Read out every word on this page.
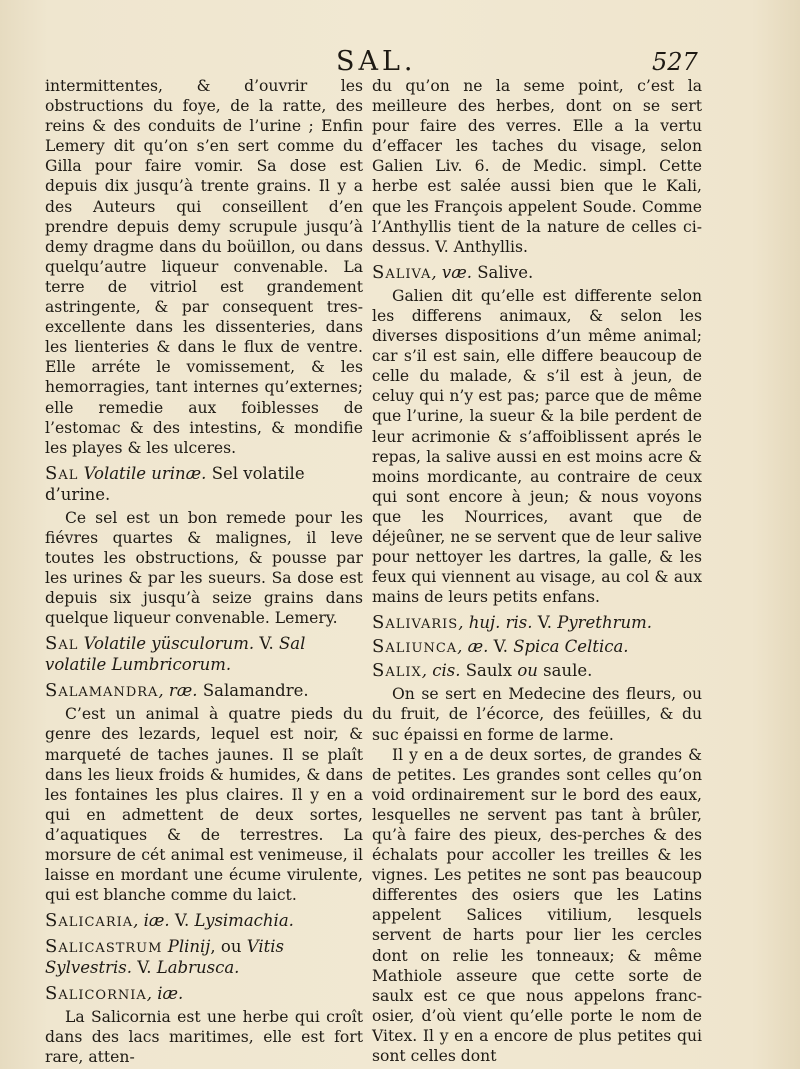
SAL.	527

intermittentes, & d’ouvrir les obstructions du foye, de la ratte, des reins & des conduits de l’urine ; Enfin Lemery dit qu’on s’en sert comme du Gilla pour faire vomir. Sa dose est depuis dix jusqu’à trente grains. Il y a des Auteurs qui conseillent d’en prendre depuis demy scrupule jusqu’à demy dragme dans du boüillon, ou dans quelqu’autre liqueur convenable. La terre de vitriol est grandement astringente, & par consequent tres-excellente dans les dissenteries, dans les lienteries & dans le flux de ventre. Elle arréte le vomissement, & les hemorragies, tant internes qu’externes; elle remedie aux foiblesses de l’estomac & des intestins, & mondifie les playes & les ulceres.

Sal Volatile urinæ. Sel volatile d’urine.

Ce sel est un bon remede pour les fiévres quartes & malignes, il leve toutes les obstructions, & pousse par les urines & par les sueurs. Sa dose est depuis six jusqu’à seize grains dans quelque liqueur convenable. Lemery.

Sal Volatile yüsculorum. V. Sal volatile Lumbricorum.
Salamandra, ræ. Salamandre.

C’est un animal à quatre pieds du genre des lezards, lequel est noir, & marqueté de taches jaunes. Il se plaît dans les lieux froids & humides, & dans les fontaines les plus claires. Il y en a qui en admettent de deux sortes, d’aquatiques & de terrestres. La morsure de cét animal est venimeuse, il laisse en mordant une écume virulente, qui est blanche comme du laict.

Salicaria, iæ. V. Lysimachia.
Salicastrum Plinij, ou Vitis Sylvestris. V. Labrusca.
Salicornia, iæ.

La Salicornia est une herbe qui croît dans des lacs maritimes, elle est fort rare, atten-

du qu’on ne la seme point, c’est la meilleure des herbes, dont on se sert pour faire des verres. Elle a la vertu d’effacer les taches du visage, selon Galien Liv. 6. de Medic. simpl. Cette herbe est salée aussi bien que le Kali, que les François appelent Soude. Comme l’Anthyllis tient de la nature de celles ci-dessus. V. Anthyllis.

Saliva, væ. Salive.

Galien dit qu’elle est differente selon les differens animaux, & selon les diverses dispositions d’un même animal; car s’il est sain, elle differe beaucoup de celle du malade, & s’il est à jeun, de celuy qui n’y est pas; parce que de même que l’urine, la sueur & la bile perdent de leur acrimonie & s’affoiblissent aprés le repas, la salive aussi en est moins acre & moins mordicante, au contraire de ceux qui sont encore à jeun; & nous voyons que les Nourrices, avant que de déjeûner, ne se servent que de leur salive pour nettoyer les dartres, la galle, & les feux qui viennent au visage, au col & aux mains de leurs petits enfans.

Salivaris, huj. ris. V. Pyrethrum.
Saliunca, æ. V. Spica Celtica.
Salix, cis. Saulx ou saule.

On se sert en Medecine des fleurs, ou du fruit, de l’écorce, des feüilles, & du suc épaissi en forme de larme.

Il y en a de deux sortes, de grandes & de petites. Les grandes sont celles qu’on void ordinairement sur le bord des eaux, lesquelles ne servent pas tant à brûler, qu’à faire des pieux, des-perches & des échalats pour accoller les treilles & les vignes. Les petites ne sont pas beaucoup differentes des osiers que les Latins appelent Salices vitilium, lesquels servent de harts pour lier les cercles dont on relie les tonneaux; & même Mathiole asseure que cette sorte de saulx est ce que nous appelons franc-osier, d’où vient qu’elle porte le nom de Vitex. Il y en a encore de plus petites qui sont celles dont
